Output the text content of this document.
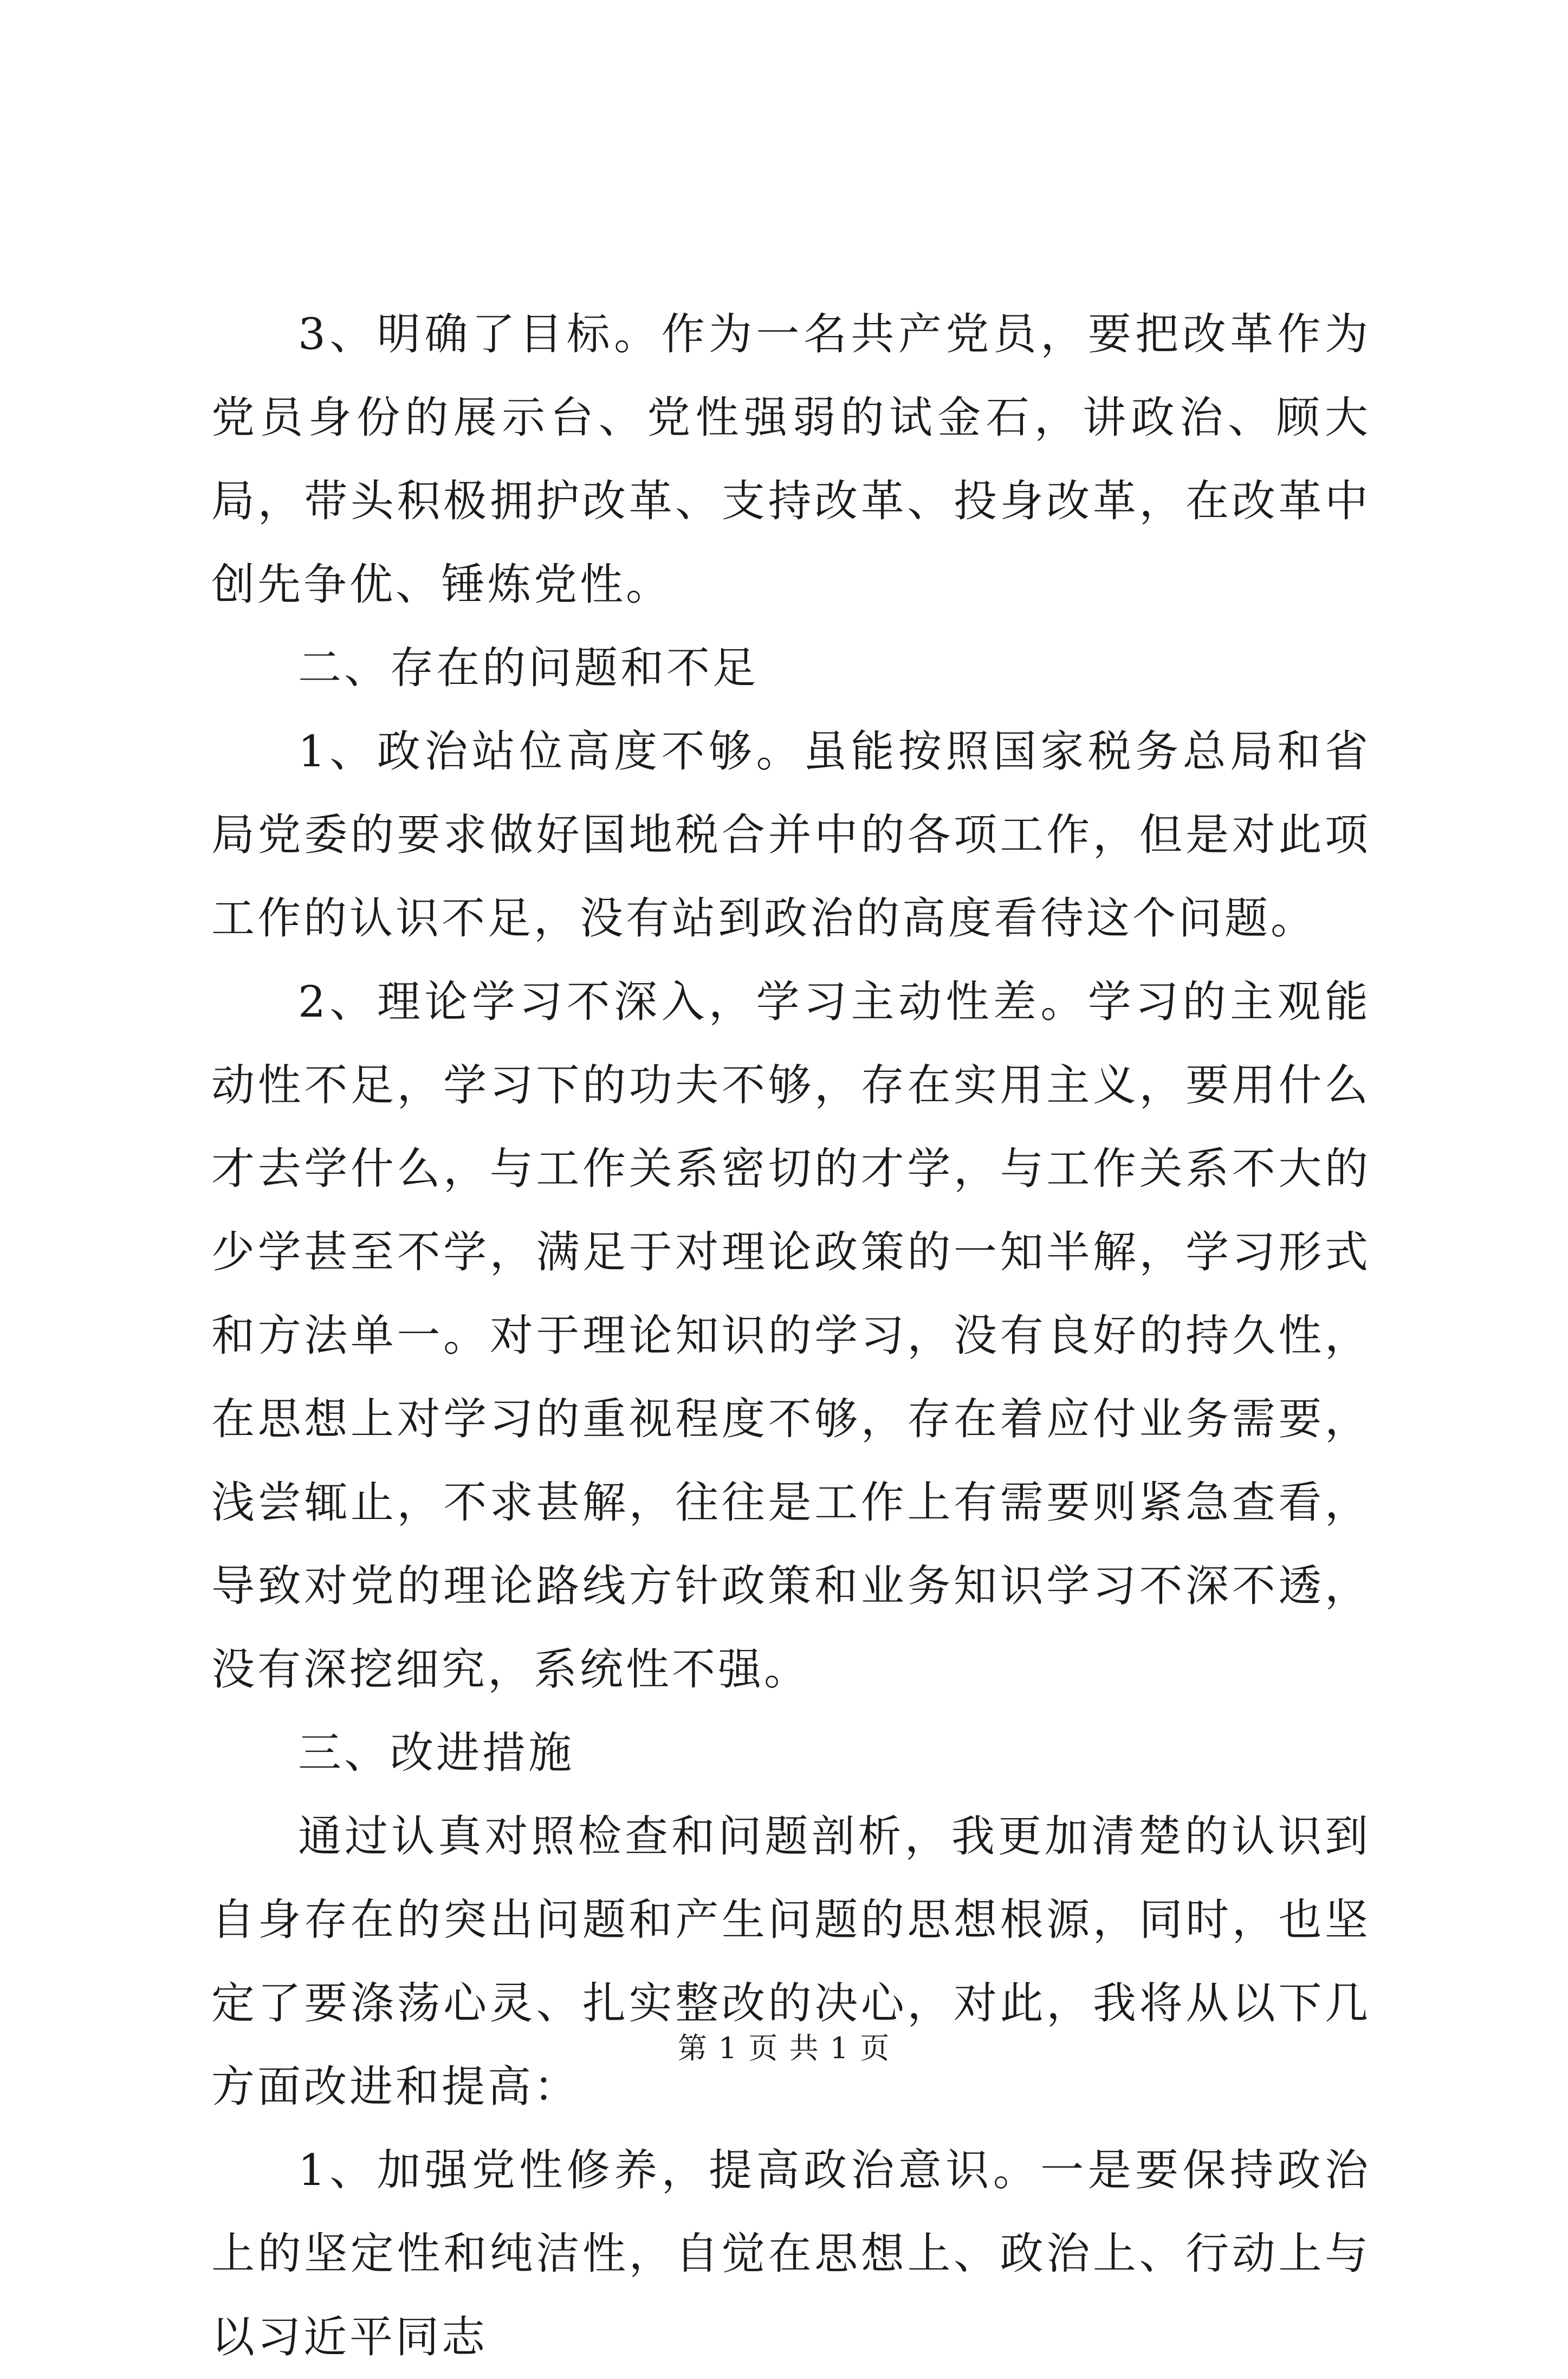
3、明确了目标。作为一名共产党员，要把改革作为党员身份的展示台、党性强弱的试金石，讲政治、顾大局，带头积极拥护改革、支持改革、投身改革，在改革中创先争优、锤炼党性。

二、存在的问题和不足

1、政治站位高度不够。虽能按照国家税务总局和省局党委的要求做好国地税合并中的各项工作，但是对此项工作的认识不足，没有站到政治的高度看待这个问题。

2、理论学习不深入，学习主动性差。学习的主观能动性不足，学习下的功夫不够，存在实用主义，要用什么才去学什么，与工作关系密切的才学，与工作关系不大的少学甚至不学，满足于对理论政策的一知半解，学习形式和方法单一。对于理论知识的学习，没有良好的持久性，在思想上对学习的重视程度不够，存在着应付业务需要，浅尝辄止，不求甚解，往往是工作上有需要则紧急查看，导致对党的理论路线方针政策和业务知识学习不深不透，没有深挖细究，系统性不强。

三、改进措施

通过认真对照检查和问题剖析，我更加清楚的认识到自身存在的突出问题和产生问题的思想根源，同时，也坚定了要涤荡心灵、扎实整改的决心，对此，我将从以下几方面改进和提高：

1、加强党性修养，提高政治意识。一是要保持政治上的坚定性和纯洁性，自觉在思想上、政治上、行动上与以习近平同志

第 1 页 共 1 页
